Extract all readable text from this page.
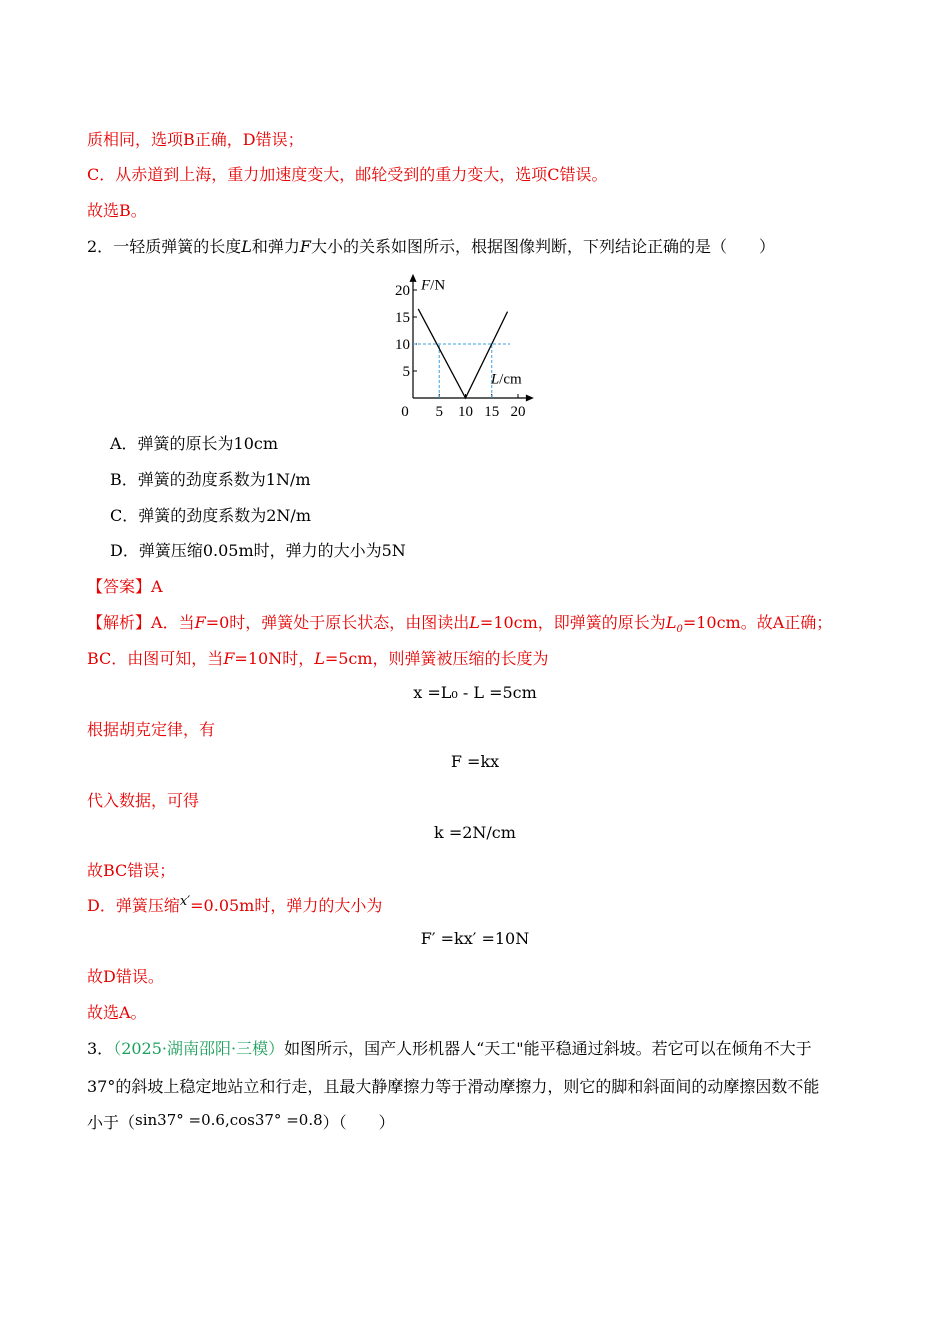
质相同，选项B正确，D错误；
C．从赤道到上海，重力加速度变大，邮轮受到的重力变大，选项C错误。
故选B。
2．一轻质弹簧的长度L和弹力F大小的关系如图所示，根据图像判断，下列结论正确的是（　　）
5
10
15
20
0 5 10 15 20
F/N
L/cm
A．弹簧的原长为10cm
B．弹簧的劲度系数为1N/m
C．弹簧的劲度系数为2N/m
D．弹簧压缩0.05m时，弹力的大小为5N
【答案】A
【解析】A．当F=0时，弹簧处于原长状态，由图读出L=10cm，即弹簧的原长为$L_0=10cm$。故A正确；
BC．由图可知，当F=10N时，L=5cm，则弹簧被压缩的长度为
x =L₀ - L =5cm
根据胡克定律，有
F =kx
代入数据，可得
k =2N/cm
故BC错误；
D．弹簧压缩$^{x'}$=0.05m时，弹力的大小为
F′ =kx′ =10N
故D错误。
故选A。
3．（2025·湖南邵阳·三模）如图所示，国产人形机器人“天工"能平稳通过斜坡。若它可以在倾角不大于
37°的斜坡上稳定地站立和行走，且最大静摩擦力等于滑动摩擦力，则它的脚和斜面间的动摩擦因数不能
小于（sin37° =0.6,cos37° =0.8）（　　）
